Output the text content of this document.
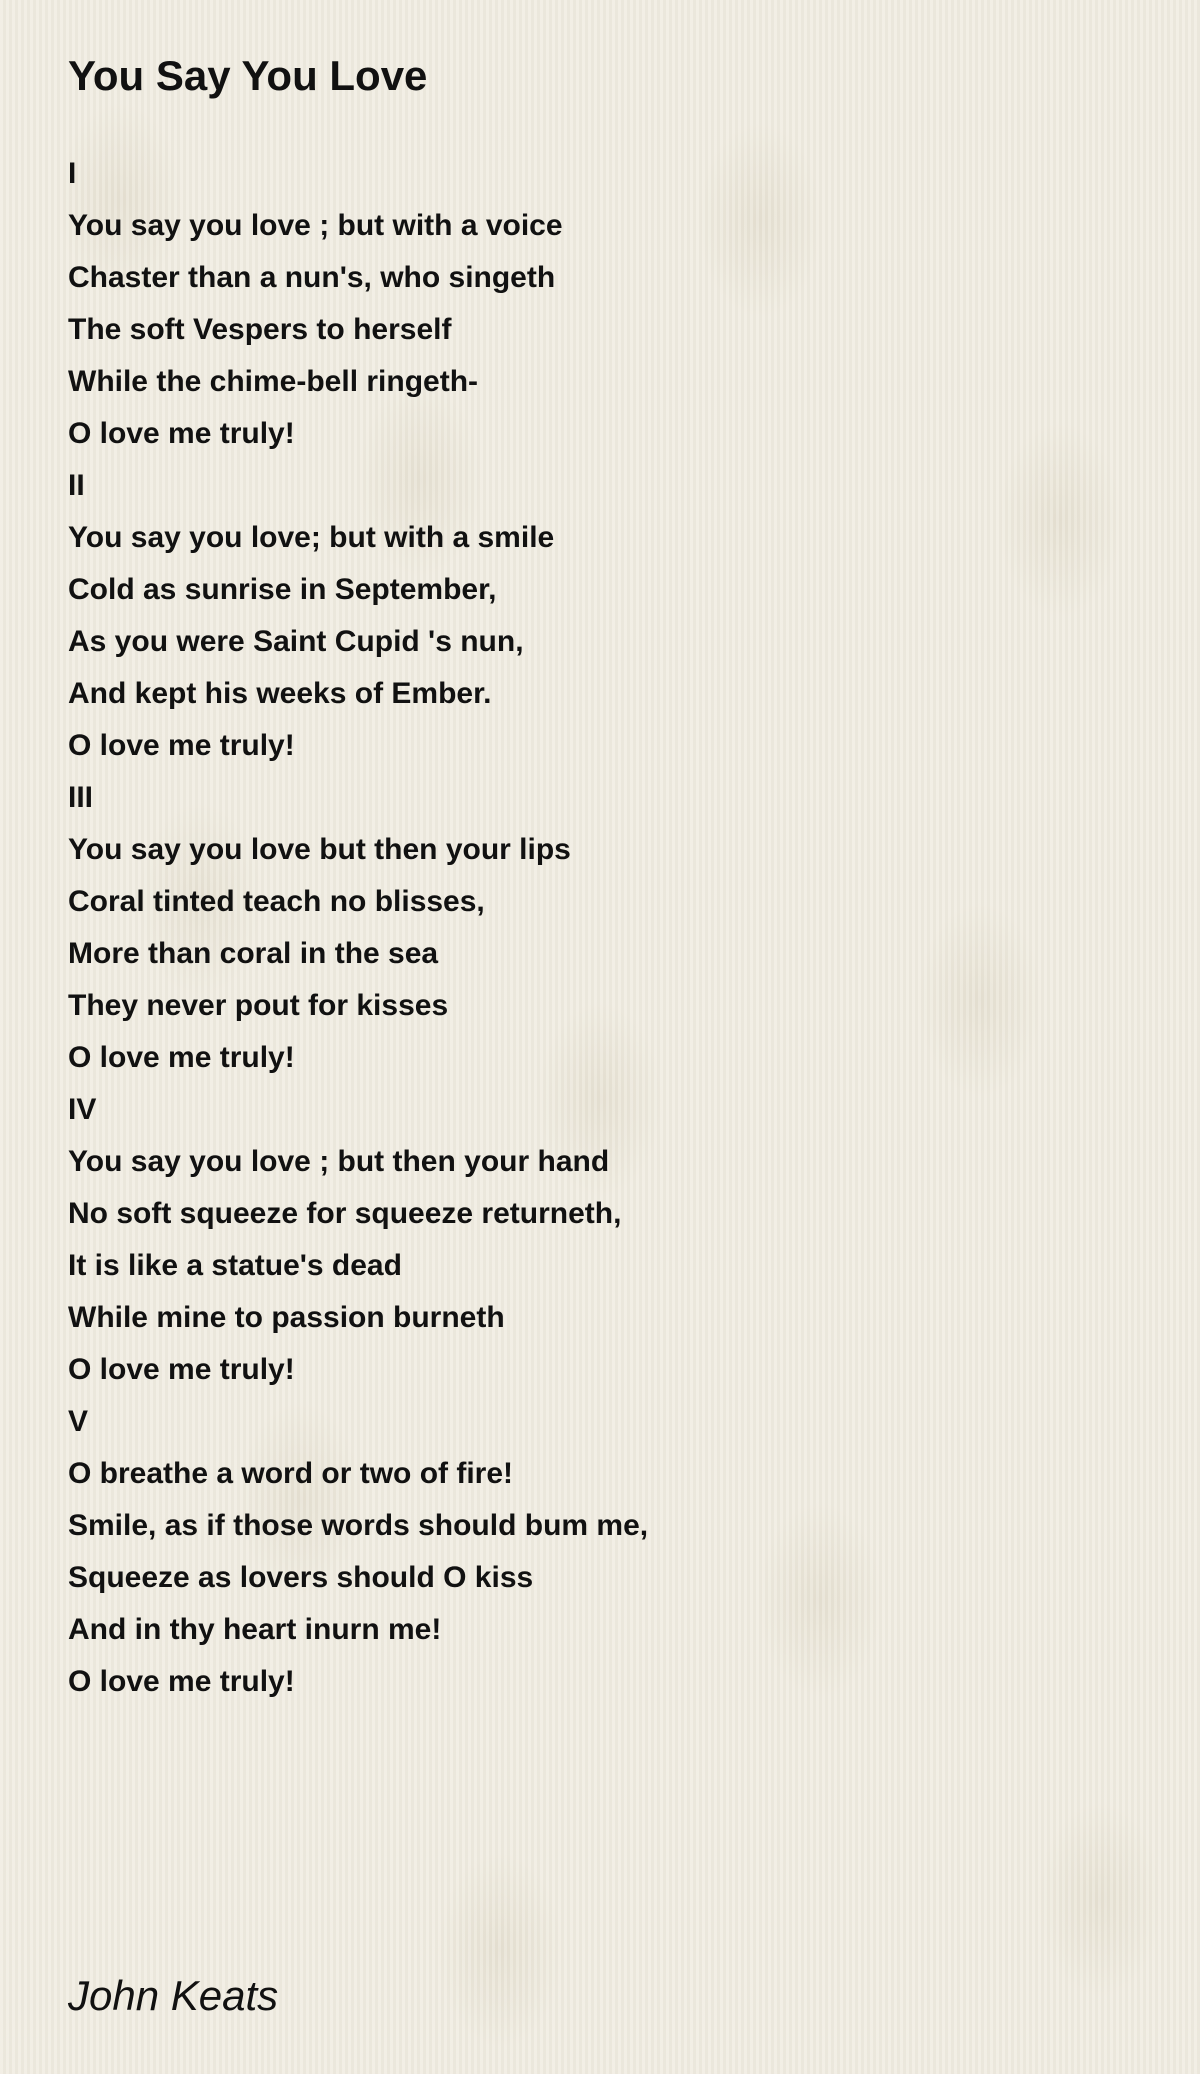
You Say You Love
I
You say you love ; but with a voice
Chaster than a nun's, who singeth
The soft Vespers to herself
While the chime-bell ringeth-
O love me truly!
II
You say you love; but with a smile
Cold as sunrise in September,
As you were Saint Cupid 's nun,
And kept his weeks of Ember.
O love me truly!
III
You say you love but then your lips
Coral tinted teach no blisses,
More than coral in the sea
They never pout for kisses
O love me truly!
IV
You say you love ; but then your hand
No soft squeeze for squeeze returneth,
It is like a statue's dead
While mine to passion burneth
O love me truly!
V
O breathe a word or two of fire!
Smile, as if those words should bum me,
Squeeze as lovers should O kiss
And in thy heart inurn me!
O love me truly!
John Keats
